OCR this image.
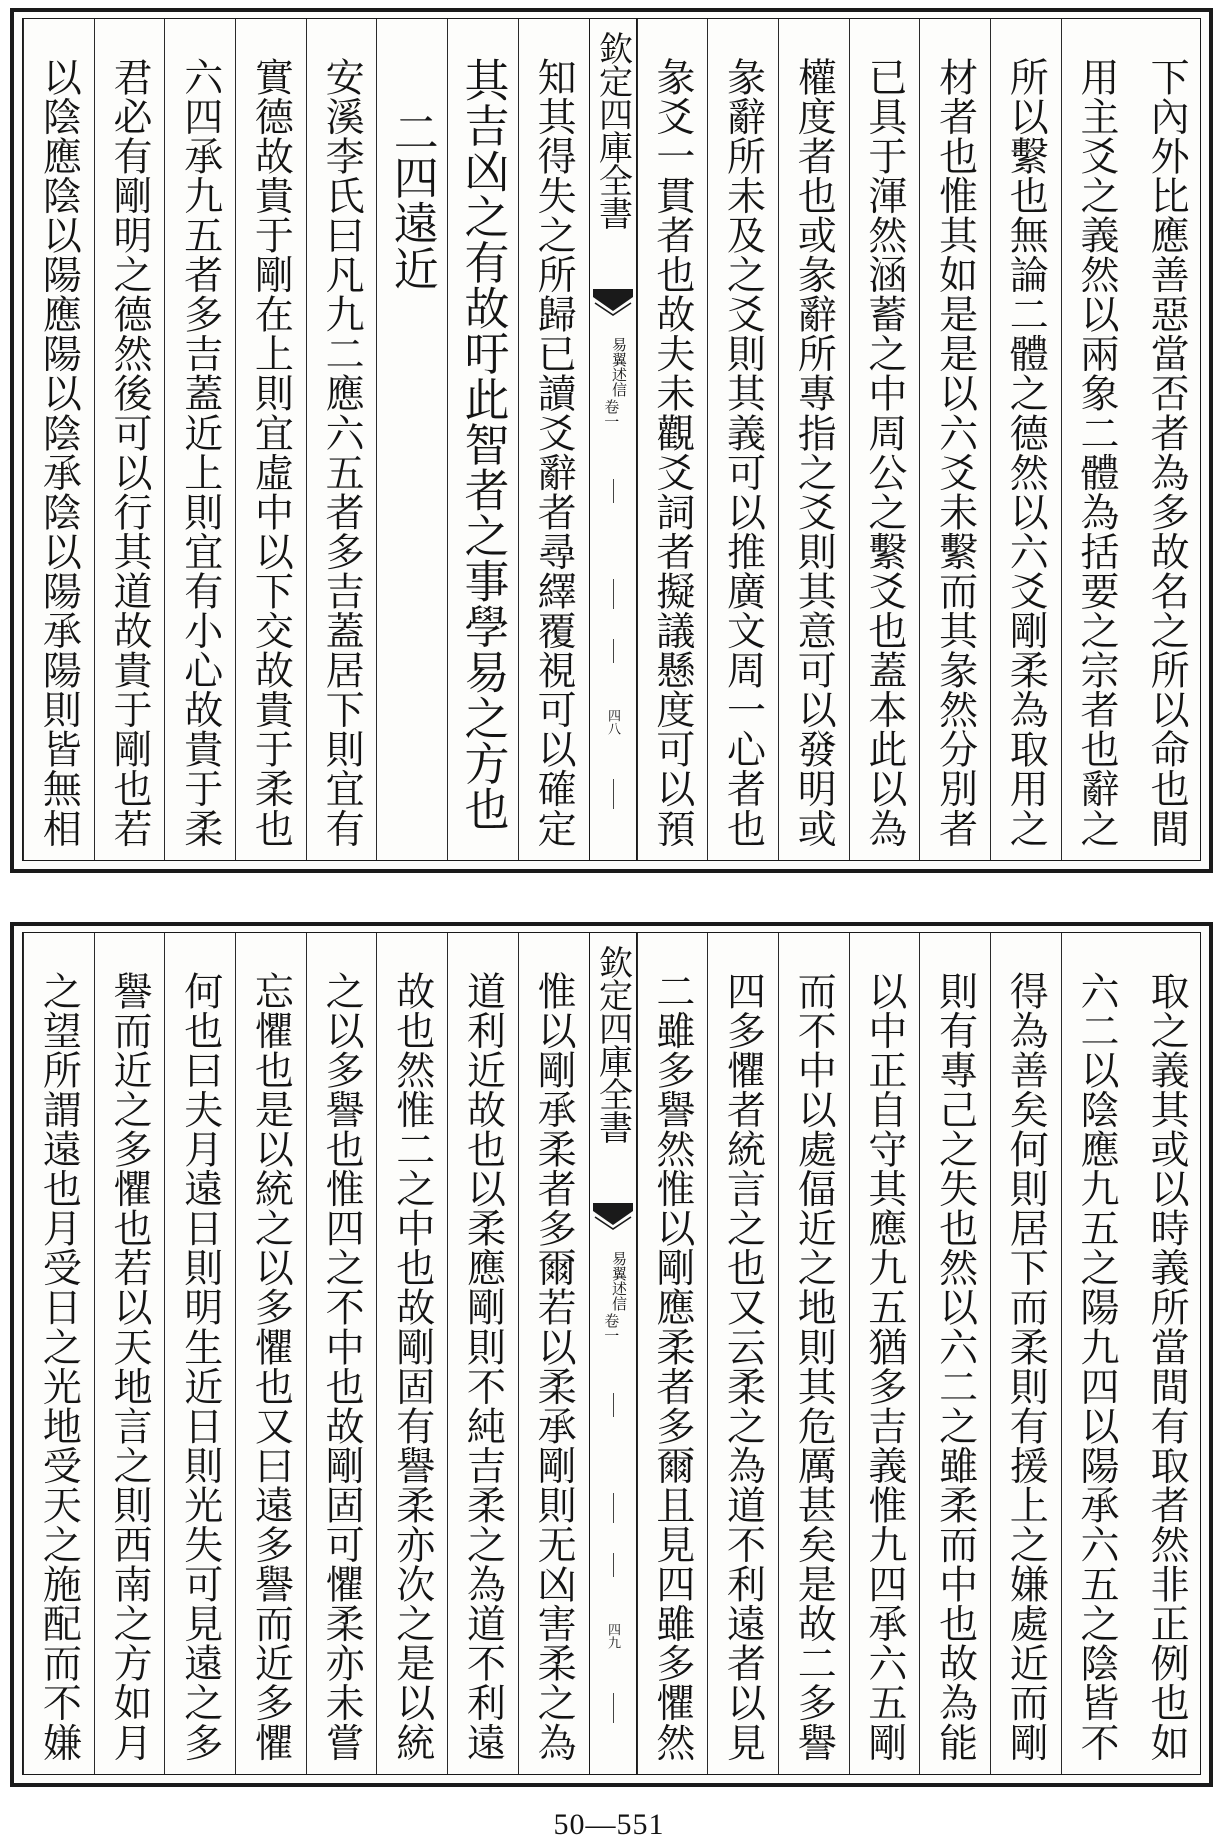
下內外比應善惡當否者為多故名之所以命也間
用主爻之義然以兩象二體為括要之宗者也辭之
所以繫也無論二體之德然以六爻剛柔為取用之
材者也惟其如是是以六爻未繫而其彖然分別者
已具于渾然涵蓄之中周公之繫爻也蓋本此以為
權度者也或彖辭所專指之爻則其意可以發明或
彖辭所未及之爻則其義可以推廣文周一心者也
彖爻一貫者也故夫未觀爻詞者擬議懸度可以預
欽定四庫全書
易翼述信
卷一
四八
知其得失之所歸已讀爻辭者尋繹覆視可以確定
其吉凶之有故吁此智者之事學易之方也
二四遠近
安溪李氏曰凡九二應六五者多吉蓋居下則宜有
實德故貴于剛在上則宜虛中以下交故貴于柔也
六四承九五者多吉蓋近上則宜有小心故貴于柔
君必有剛明之德然後可以行其道故貴于剛也若
以陰應陰以陽應陽以陰承陰以陽承陽則皆無相
取之義其或以時義所當間有取者然非正例也如
六二以陰應九五之陽九四以陽承六五之陰皆不
得為善矣何則居下而柔則有援上之嫌處近而剛
則有專己之失也然以六二之雖柔而中也故為能
以中正自守其應九五猶多吉義惟九四承六五剛
而不中以處偪近之地則其危厲甚矣是故二多譽
四多懼者統言之也又云柔之為道不利遠者以見
二雖多譽然惟以剛應柔者多爾且見四雖多懼然
欽定四庫全書
易翼述信
卷一
四九
惟以剛承柔者多爾若以柔承剛則无凶害柔之為
道利近故也以柔應剛則不純吉柔之為道不利遠
故也然惟二之中也故剛固有譽柔亦次之是以統
之以多譽也惟四之不中也故剛固可懼柔亦未嘗
忘懼也是以統之以多懼也又曰遠多譽而近多懼
何也曰夫月遠日則明生近日則光失可見遠之多
譽而近之多懼也若以天地言之則西南之方如月
之望所謂遠也月受日之光地受天之施配而不嫌
50—551
